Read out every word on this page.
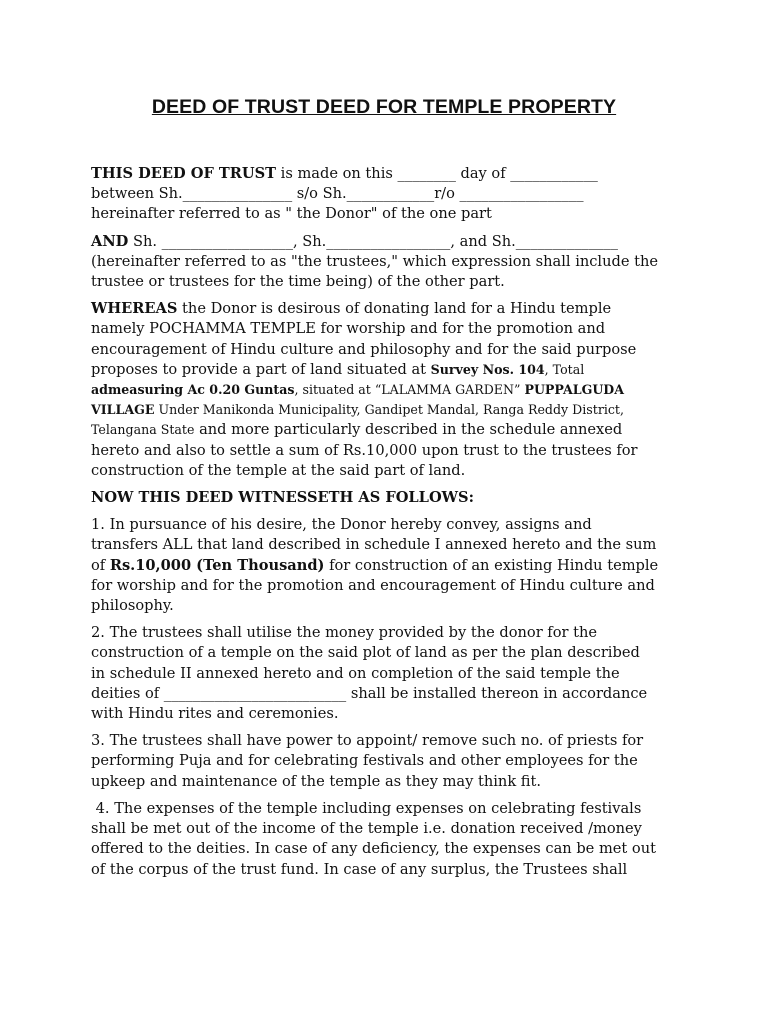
DEED OF TRUST DEED FOR TEMPLE PROPERTY
THIS DEED OF TRUST is made on this ________ day of ____________
between Sh._______________ s/o Sh.____________r/o _________________
hereinafter referred to as " the Donor" of the one part
AND Sh. __________________, Sh._________________, and Sh.______________
(hereinafter referred to as "the trustees," which expression shall include the
trustee or trustees for the time being) of the other part.
WHEREAS the Donor is desirous of donating land for a Hindu temple
namely POCHAMMA TEMPLE for worship and for the promotion and
encouragement of Hindu culture and philosophy and for the said purpose
proposes to provide a part of land situated at Survey Nos. 104, Total
admeasuring Ac 0.20 Guntas, situated at “LALAMMA GARDEN” PUPPALGUDA
VILLAGE Under Manikonda Municipality, Gandipet Mandal, Ranga Reddy District,
Telangana State and more particularly described in the schedule annexed
hereto and also to settle a sum of Rs.10,000 upon trust to the trustees for
construction of the temple at the said part of land.
NOW THIS DEED WITNESSETH AS FOLLOWS:
1. In pursuance of his desire, the Donor hereby convey, assigns and
transfers ALL that land described in schedule I annexed hereto and the sum
of Rs.10,000 (Ten Thousand) for construction of an existing Hindu temple
for worship and for the promotion and encouragement of Hindu culture and
philosophy.
2. The trustees shall utilise the money provided by the donor for the
construction of a temple on the said plot of land as per the plan described
in schedule II annexed hereto and on completion of the said temple the
deities of _________________________ shall be installed thereon in accordance
with Hindu rites and ceremonies.
3. The trustees shall have power to appoint/ remove such no. of priests for
performing Puja and for celebrating festivals and other employees for the
upkeep and maintenance of the temple as they may think fit.
4. The expenses of the temple including expenses on celebrating festivals
shall be met out of the income of the temple i.e. donation received /money
offered to the deities. In case of any deficiency, the expenses can be met out
of the corpus of the trust fund. In case of any surplus, the Trustees shall
